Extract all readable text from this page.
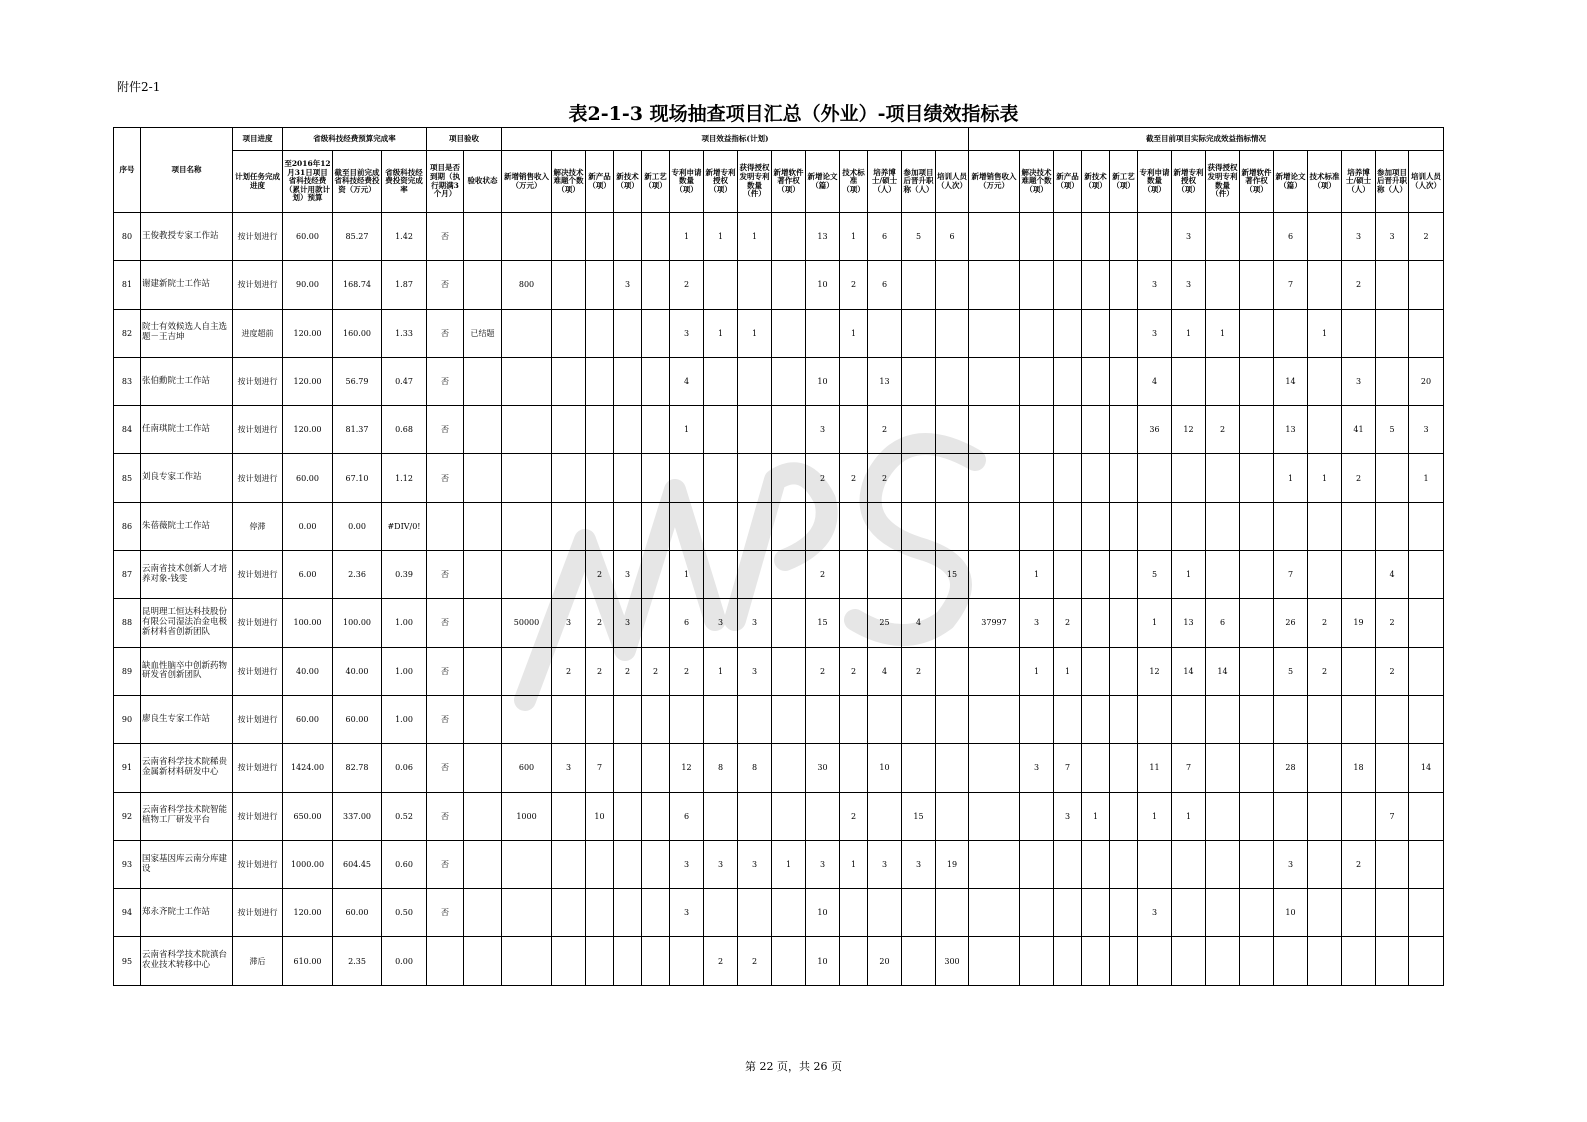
附件2-1
表2-1-3 现场抽查项目汇总（外业）-项目绩效指标表
序号	项目名称	项目进度	省级科技经费预算完成率			项目验收		项目效益指标(计划)														截至目前项目实际完成效益指标情况													
		计划任务完成进度	至2016年12月31日项目省科技经费（累计用款计划）预算	截至目前完成省科技经费投资（万元）	省级科技经费投资完成率	项目是否到期（执行期满3个月）	验收状态	新增销售收入（万元）	解决技术难题个数（项）	新产品（项）	新技术（项）	新工艺（项）	专利申请数量（项）	新增专利授权（项）	获得授权发明专利数量（件）	新增软件著作权（项）	新增论文（篇）	技术标准（项）	培养博士/硕士（人）	参加项目后晋升职称（人）	培训人员（人次）	新增销售收入（万元）	解决技术难题个数（项）	新产品（项）	新技术（项）	新工艺（项）	专利申请数量（项）	新增专利授权（项）	获得授权发明专利数量（件）	新增软件著作权（项）	新增论文（篇）	技术标准（项）	培养博士/硕士（人）	参加项目后晋升职称（人）	培训人员（人次）
80	王俊教授专家工作站	按计划进行	60.00	85.27	1.42	否							1	1	1		13	1	6	5	6							3			6		3	3	2
81	谢建新院士工作站	按计划进行	90.00	168.74	1.87	否		800			3		2				10	2	6								3	3			7		2		
82	院士有效候选人自主选题－王吉坤	进度超前	120.00	160.00	1.33	否	已结题						3	1	1			1									3	1	1			1			
83	张伯勳院士工作站	按计划进行	120.00	56.79	0.47	否							4				10		13								4				14		3		20
84	任南琪院士工作站	按计划进行	120.00	81.37	0.68	否							1				3		2								36	12	2		13		41	5	3
85	刘良专家工作站	按计划进行	60.00	67.10	1.12	否											2	2	2												1	1	2		1
86	朱蓓薇院士工作站	停滞	0.00	0.00	#DIV/0!																														
87	云南省技术创新人才培养对象-钱雯	按计划进行	6.00	2.36	0.39	否				2	3		1				2				15		1				5	1			7			4	
88	昆明理工恒达科技股份有限公司湿法冶金电极新材料省创新团队	按计划进行	100.00	100.00	1.00	否		50000	3	2	3		6	3	3		15		25	4		37997	3	2			1	13	6		26	2	19	2	
89	缺血性脑卒中创新药物研发省创新团队	按计划进行	40.00	40.00	1.00	否			2	2	2	2	2	1	3		2	2	4	2			1	1			12	14	14		5	2		2	
90	廖良生专家工作站	按计划进行	60.00	60.00	1.00	否																													
91	云南省科学技术院稀贵金属新材料研发中心	按计划进行	1424.00	82.78	0.06	否		600	3	7			12	8	8		30		10				3	7			11	7			28		18		14
92	云南省科学技术院智能植物工厂研发平台	按计划进行	650.00	337.00	0.52	否		1000		10			6					2		15				3	1		1	1						7	
93	国家基因库云南分库建设	按计划进行	1000.00	604.45	0.60	否							3	3	3	1	3	1	3	3	19										3		2		
94	郑永齐院士工作站	按计划进行	120.00	60.00	0.50	否							3				10										3				10				
95	云南省科学技术院滇台农业技术转移中心	滞后	610.00	2.35	0.00									2	2		10		20		300														
第 22 页，共 26 页
